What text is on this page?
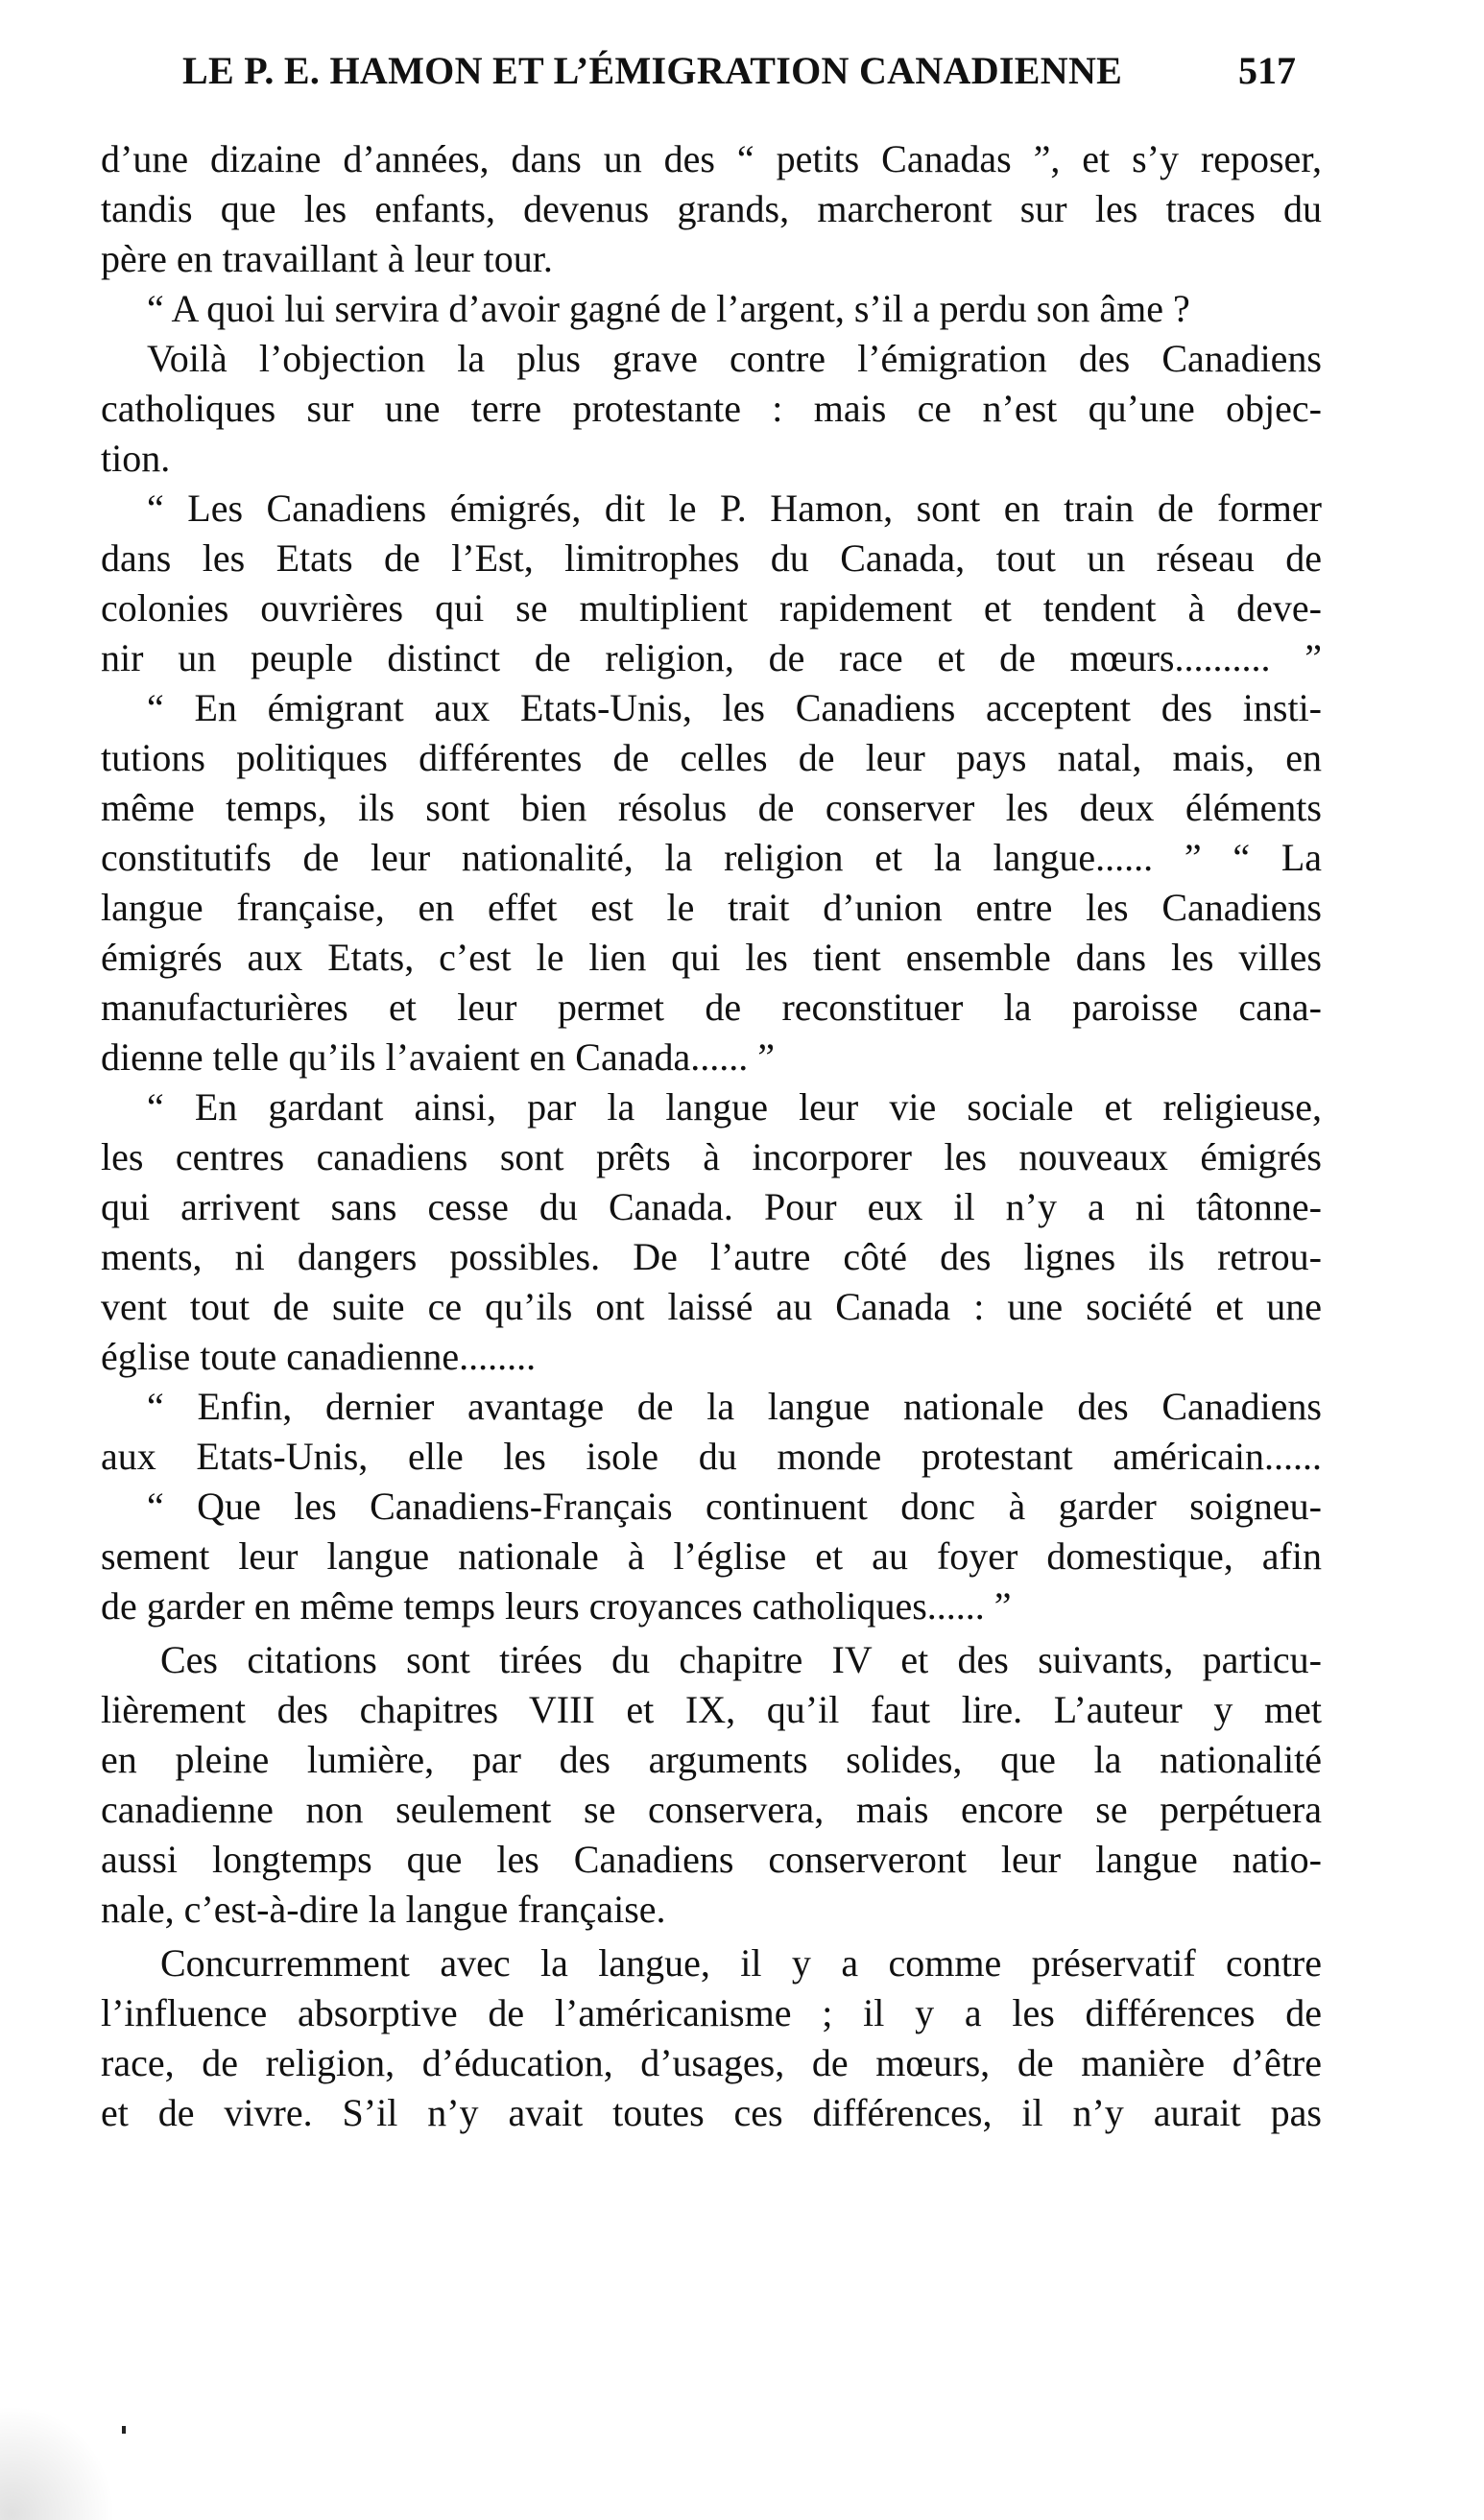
LE P. E. HAMON ET L’ÉMIGRATION CANADIENNE	517
d’une dizaine d’années, dans un des “ petits Canadas ”, et s’y reposer,
tandis que les enfants, devenus grands, marcheront sur les traces du
père en travaillant à leur tour.
“ A quoi lui servira d’avoir gagné de l’argent, s’il a perdu son âme ?
Voilà l’objection la plus grave contre l’émigration des Canadiens
catholiques sur une terre protestante : mais ce n’est qu’une objec-
tion.
“ Les Canadiens émigrés, dit le P. Hamon, sont en train de former
dans les Etats de l’Est, limitrophes du Canada, tout un réseau de
colonies ouvrières qui se multiplient rapidement et tendent à deve-
nir un peuple distinct de religion, de race et de mœurs.......... ”
“ En émigrant aux Etats-Unis, les Canadiens acceptent des insti-
tutions politiques différentes de celles de leur pays natal, mais, en
même temps, ils sont bien résolus de conserver les deux éléments
constitutifs de leur nationalité, la religion et la langue...... ” “ La
langue française, en effet est le trait d’union entre les Canadiens
émigrés aux Etats, c’est le lien qui les tient ensemble dans les villes
manufacturières et leur permet de reconstituer la paroisse cana-
dienne telle qu’ils l’avaient en Canada...... ”
“ En gardant ainsi, par la langue leur vie sociale et religieuse,
les centres canadiens sont prêts à incorporer les nouveaux émigrés
qui arrivent sans cesse du Canada. Pour eux il n’y a ni tâtonne-
ments, ni dangers possibles. De l’autre côté des lignes ils retrou-
vent tout de suite ce qu’ils ont laissé au Canada : une société et une
église toute canadienne........
“ Enfin, dernier avantage de la langue nationale des Canadiens
aux Etats-Unis, elle les isole du monde protestant américain......
“ Que les Canadiens-Français continuent donc à garder soigneu-
sement leur langue nationale à l’église et au foyer domestique, afin
de garder en même temps leurs croyances catholiques...... ”
Ces citations sont tirées du chapitre IV et des suivants, particu-
lièrement des chapitres VIII et IX, qu’il faut lire. L’auteur y met
en pleine lumière, par des arguments solides, que la nationalité
canadienne non seulement se conservera, mais encore se perpétuera
aussi longtemps que les Canadiens conserveront leur langue natio-
nale, c’est-à-dire la langue française.
Concurremment avec la langue, il y a comme préservatif contre
l’influence absorptive de l’américanisme ; il y a les différences de
race, de religion, d’éducation, d’usages, de mœurs, de manière d’être
et de vivre. S’il n’y avait toutes ces différences, il n’y aurait pas
